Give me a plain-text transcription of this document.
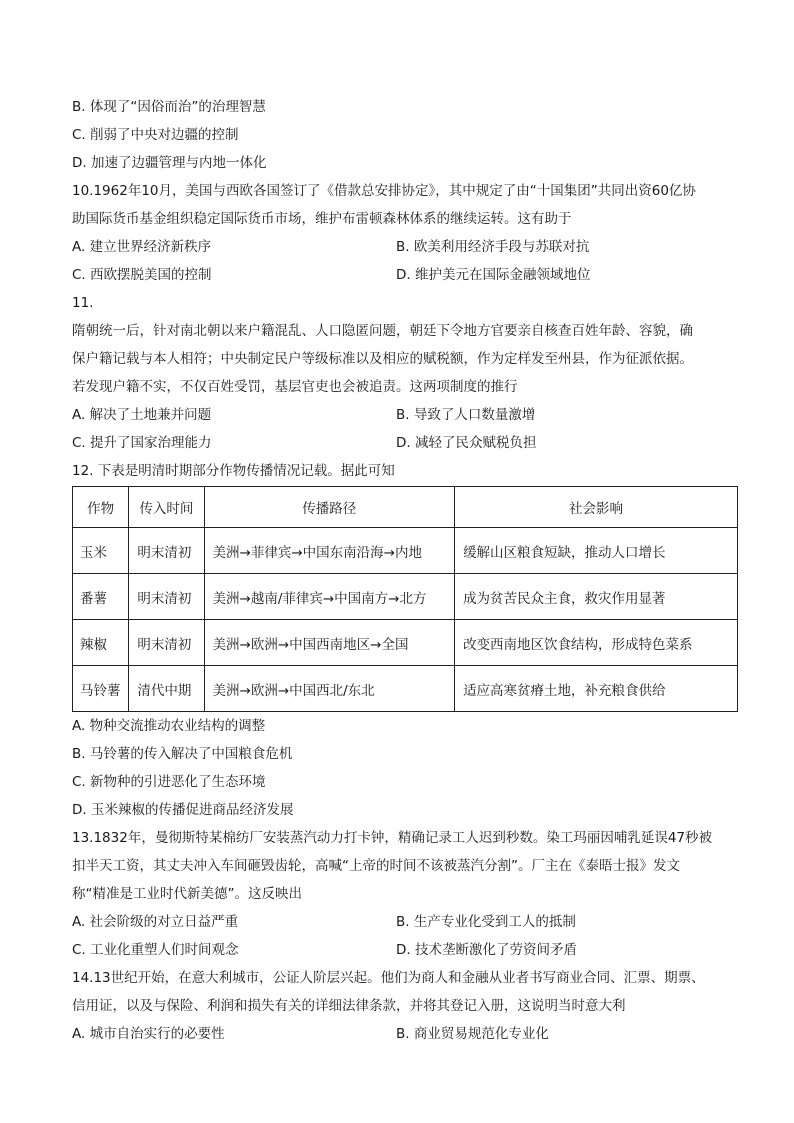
B. 体现了“因俗而治”的治理智慧
C. 削弱了中央对边疆的控制
D. 加速了边疆管理与内地一体化
10.1962年10月，美国与西欧各国签订了《借款总安排协定》，其中规定了由“十国集团”共同出资60亿协
助国际货币基金组织稳定国际货币市场，维护布雷顿森林体系的继续运转。这有助于
A. 建立世界经济新秩序	B. 欧美利用经济手段与苏联对抗
C. 西欧摆脱美国的控制	D. 维护美元在国际金融领域地位
11.
隋朝统一后，针对南北朝以来户籍混乱、人口隐匿问题，朝廷下令地方官要亲自核查百姓年龄、容貌，确
保户籍记载与本人相符；中央制定民户等级标准以及相应的赋税额，作为定样发至州县，作为征派依据。
若发现户籍不实，不仅百姓受罚，基层官吏也会被追责。这两项制度的推行
A. 解决了土地兼并问题	B. 导致了人口数量激增
C. 提升了国家治理能力	D. 减轻了民众赋税负担
12. 下表是明清时期部分作物传播情况记载。据此可知
作物	传入时间	传播路径	社会影响
玉米	明末清初	美洲→菲律宾→中国东南沿海→内地	缓解山区粮食短缺，推动人口增长
番薯	明末清初	美洲→越南/菲律宾→中国南方→北方	成为贫苦民众主食，救灾作用显著
辣椒	明末清初	美洲→欧洲→中国西南地区→全国	改变西南地区饮食结构，形成特色菜系
马铃薯	清代中期	美洲→欧洲→中国西北/东北	适应高寒贫瘠土地，补充粮食供给
A. 物种交流推动农业结构的调整
B. 马铃薯的传入解决了中国粮食危机
C. 新物种的引进恶化了生态环境
D. 玉米辣椒的传播促进商品经济发展
13.1832年，曼彻斯特某棉纺厂安装蒸汽动力打卡钟，精确记录工人迟到秒数。染工玛丽因哺乳延误47秒被
扣半天工资，其丈夫冲入车间砸毁齿轮，高喊“上帝的时间不该被蒸汽分割”。厂主在《泰晤士报》发文
称“精准是工业时代新美德”。这反映出
A. 社会阶级的对立日益严重	B. 生产专业化受到工人的抵制
C. 工业化重塑人们时间观念	D. 技术垄断激化了劳资间矛盾
14.13世纪开始，在意大利城市，公证人阶层兴起。他们为商人和金融从业者书写商业合同、汇票、期票、
信用证，以及与保险、利润和损失有关的详细法律条款，并将其登记入册，这说明当时意大利
A. 城市自治实行的必要性	B. 商业贸易规范化专业化
